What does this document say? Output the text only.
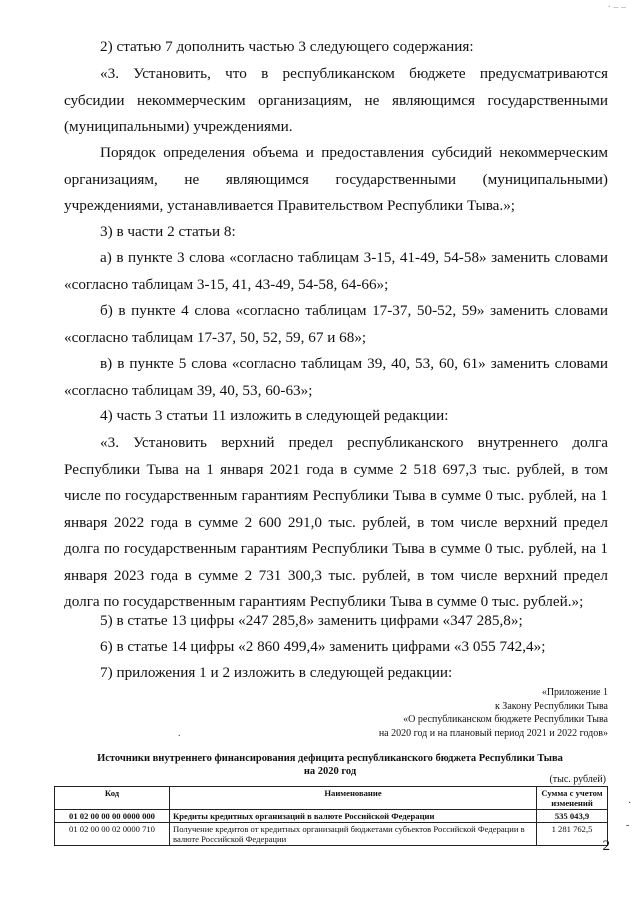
2) статью 7 дополнить частью 3 следующего содержания:

«3. Установить, что в республиканском бюджете предусматриваются субсидии некоммерческим организациям, не являющимся государственными (муниципальными) учреждениями.

Порядок определения объема и предоставления субсидий некоммерческим организациям, не являющимся государственными (муниципальными) учреждениями, устанавливается Правительством Республики Тыва.»;

3) в части 2 статьи 8:

а) в пункте 3 слова «согласно таблицам 3-15, 41-49, 54-58» заменить словами «согласно таблицам 3-15, 41, 43-49, 54-58, 64-66»;

б) в пункте 4 слова «согласно таблицам 17-37, 50-52, 59» заменить словами «согласно таблицам 17-37, 50, 52, 59, 67 и 68»;

в) в пункте 5 слова «согласно таблицам 39, 40, 53, 60, 61» заменить словами «согласно таблицам 39, 40, 53, 60-63»;

4) часть 3 статьи 11 изложить в следующей редакции:

«3. Установить верхний предел республиканского внутреннего долга Республики Тыва на 1 января 2021 года в сумме 2 518 697,3 тыс. рублей, в том числе по государственным гарантиям Республики Тыва в сумме 0 тыс. рублей, на 1 января 2022 года в сумме 2 600 291,0 тыс. рублей, в том числе верхний предел долга по государственным гарантиям Республики Тыва в сумме 0 тыс. рублей, на 1 января 2023 года в сумме 2 731 300,3 тыс. рублей, в том числе верхний предел долга по государственным гарантиям Республики Тыва в сумме 0 тыс. рублей.»;

5) в статье 13 цифры «247 285,8» заменить цифрами «347 285,8»;

6) в статье 14 цифры «2 860 499,4» заменить цифрами «3 055 742,4»;

7) приложения 1 и 2 изложить в следующей редакции:

«Приложение 1
к Закону Республики Тыва
«О республиканском бюджете Республики Тыва
на 2020 год и на плановый период 2021 и 2022 годов»
Источники внутреннего финансирования дефицита республиканского бюджета Республики Тыва
на 2020 год
(тыс. рублей)
Код	Наименование	Сумма с учетом изменений
01 02 00 00 00 0000 000	Кредиты кредитных организаций в валюте Российской Федерации	535 043,9
01 02 00 00 02 0000 710	Получение кредитов от кредитных организаций бюджетами субъектов Российской Федерации в валюте Российской Федерации	1 281 762,5
2
· – –
·
-
.
